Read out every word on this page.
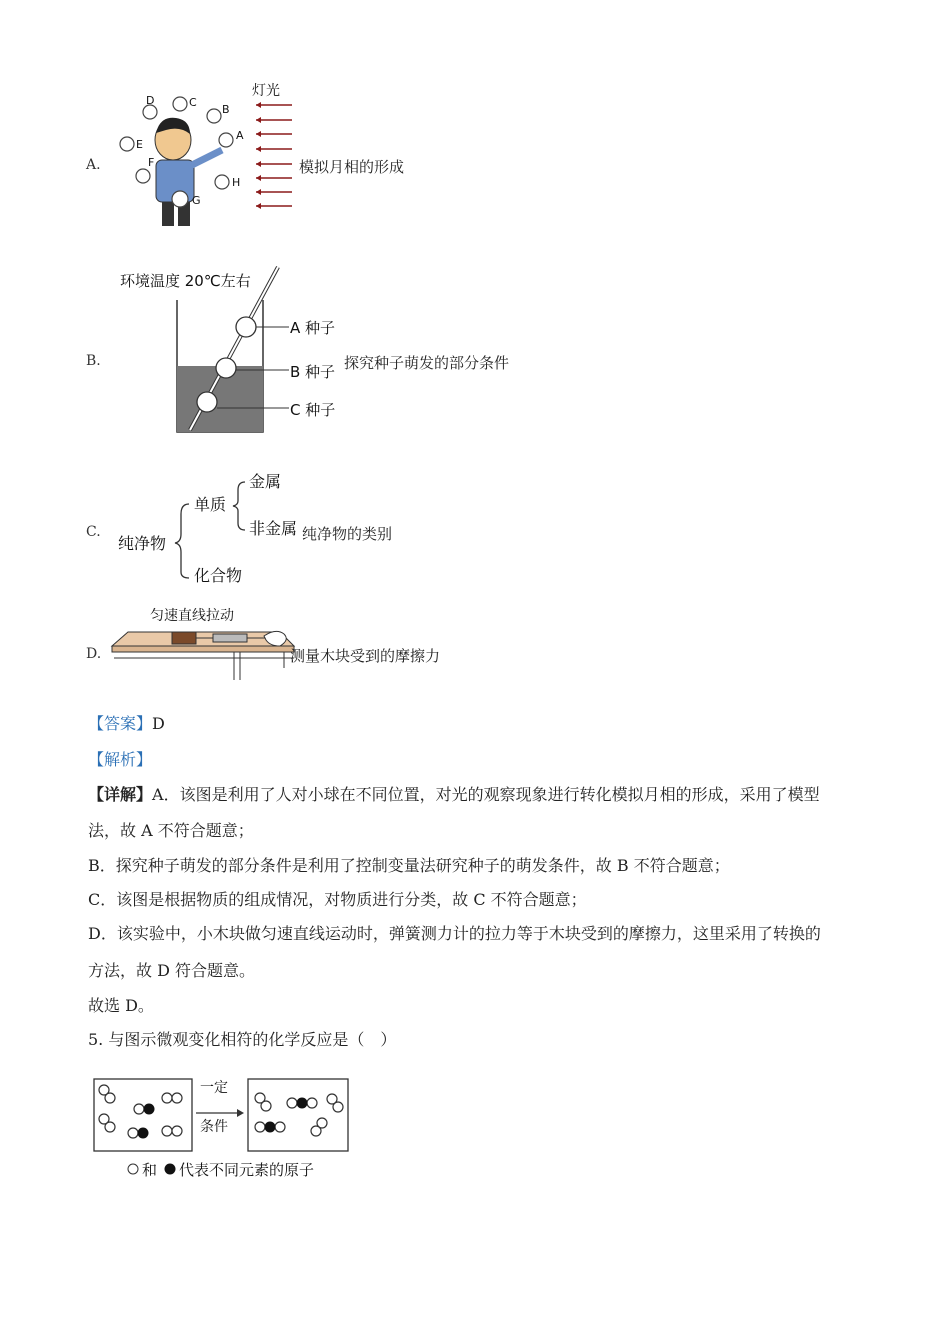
A.
灯光
D	C
B
A
E
F
H
G
模拟月相的形成
B.
环境温度 20℃左右
A 种子
B 种子
C 种子
探究种子萌发的部分条件
C.
纯净物
单质
化合物
金属
非金属 纯净物的类别
D.
匀速直线拉动
测量木块受到的摩擦力
【答案】D
【解析】
【详解】A．该图是利用了人对小球在不同位置，对光的观察现象进行转化模拟月相的形成，采用了模型
法，故 A 不符合题意；
B．探究种子萌发的部分条件是利用了控制变量法研究种子的萌发条件，故 B 不符合题意；
C．该图是根据物质的组成情况，对物质进行分类，故 C 不符合题意；
D．该实验中，小木块做匀速直线运动时，弹簧测力计的拉力等于木块受到的摩擦力，这里采用了转换的
方法，故 D 符合题意。
故选 D。
5. 与图示微观变化相符的化学反应是（　）
一定
条件
和 代表不同元素的原子
